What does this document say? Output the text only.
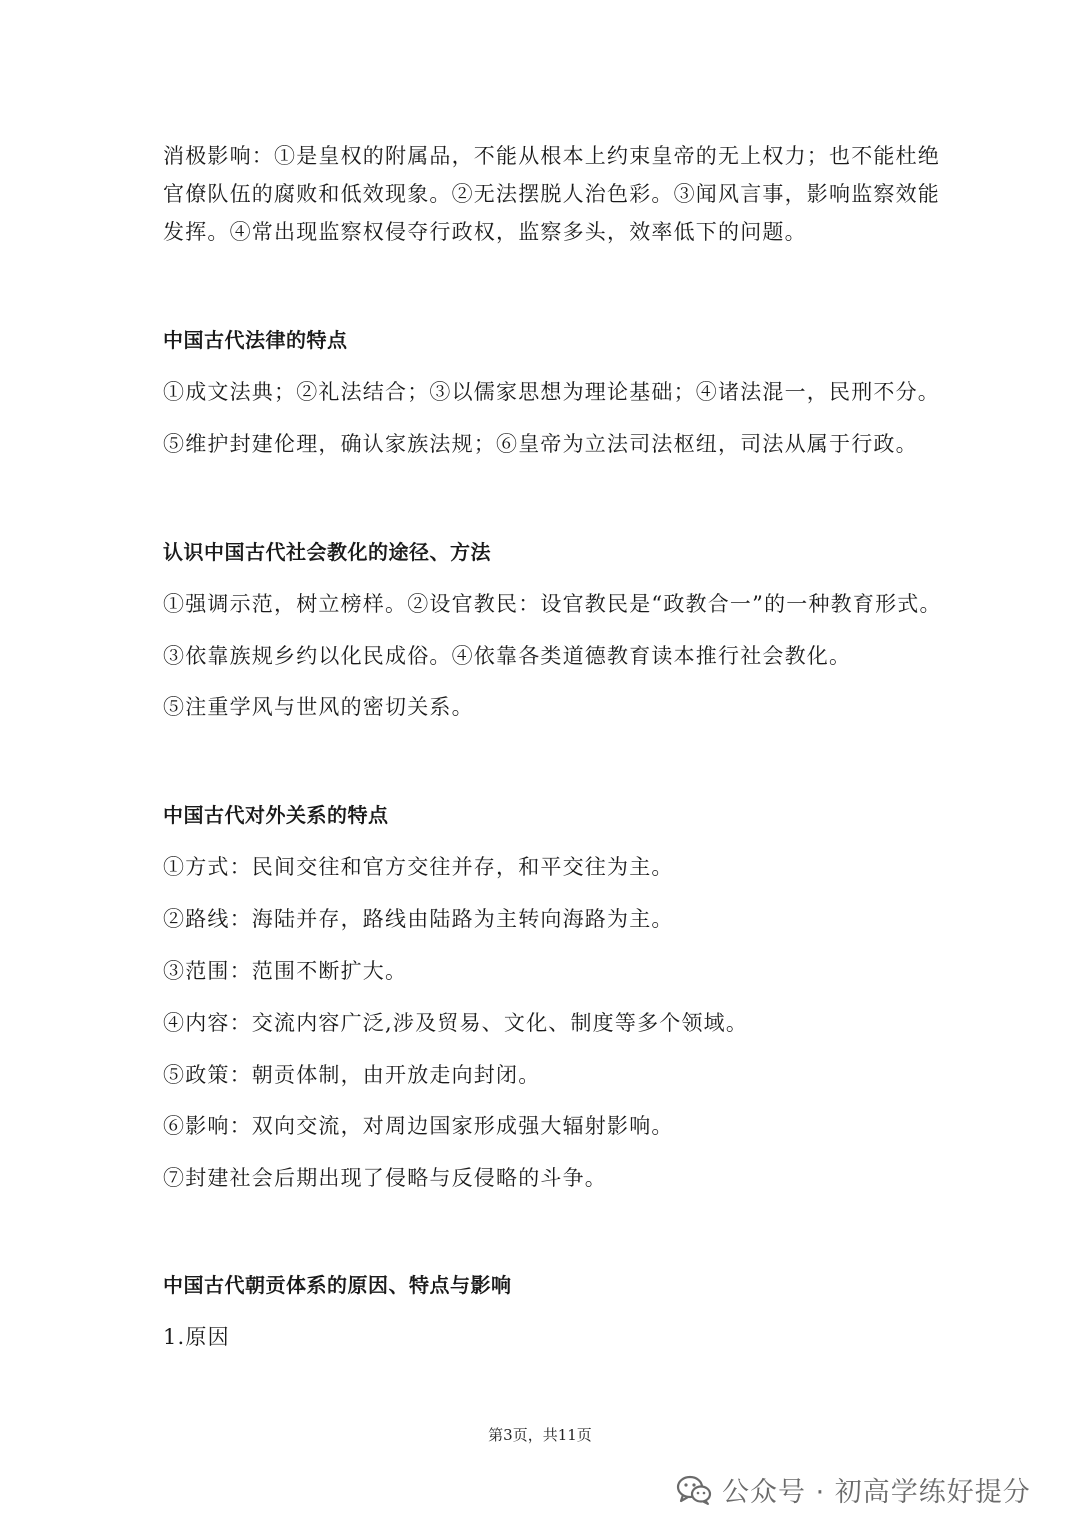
消极影响：①是皇权的附属品，不能从根本上约束皇帝的无上权力；也不能杜绝
官僚队伍的腐败和低效现象。②无法摆脱人治色彩。③闻风言事，影响监察效能
发挥。④常出现监察权侵夺行政权，监察多头，效率低下的问题。
中国古代法律的特点
①成文法典；②礼法结合；③以儒家思想为理论基础；④诸法混一，民刑不分。
⑤维护封建伦理，确认家族法规；⑥皇帝为立法司法枢纽，司法从属于行政。
认识中国古代社会教化的途径、方法
①强调示范，树立榜样。②设官教民：设官教民是“政教合一”的一种教育形式。
③依靠族规乡约以化民成俗。④依靠各类道德教育读本推行社会教化。
⑤注重学风与世风的密切关系。
中国古代对外关系的特点
①方式：民间交往和官方交往并存，和平交往为主。
②路线：海陆并存，路线由陆路为主转向海路为主。
③范围：范围不断扩大。
④内容：交流内容广泛,涉及贸易、文化、制度等多个领域。
⑤政策：朝贡体制，由开放走向封闭。
⑥影响：双向交流，对周边国家形成强大辐射影响。
⑦封建社会后期出现了侵略与反侵略的斗争。
中国古代朝贡体系的原因、特点与影响
1.原因
第3页，共11页
公众号 · 初高学练好提分
